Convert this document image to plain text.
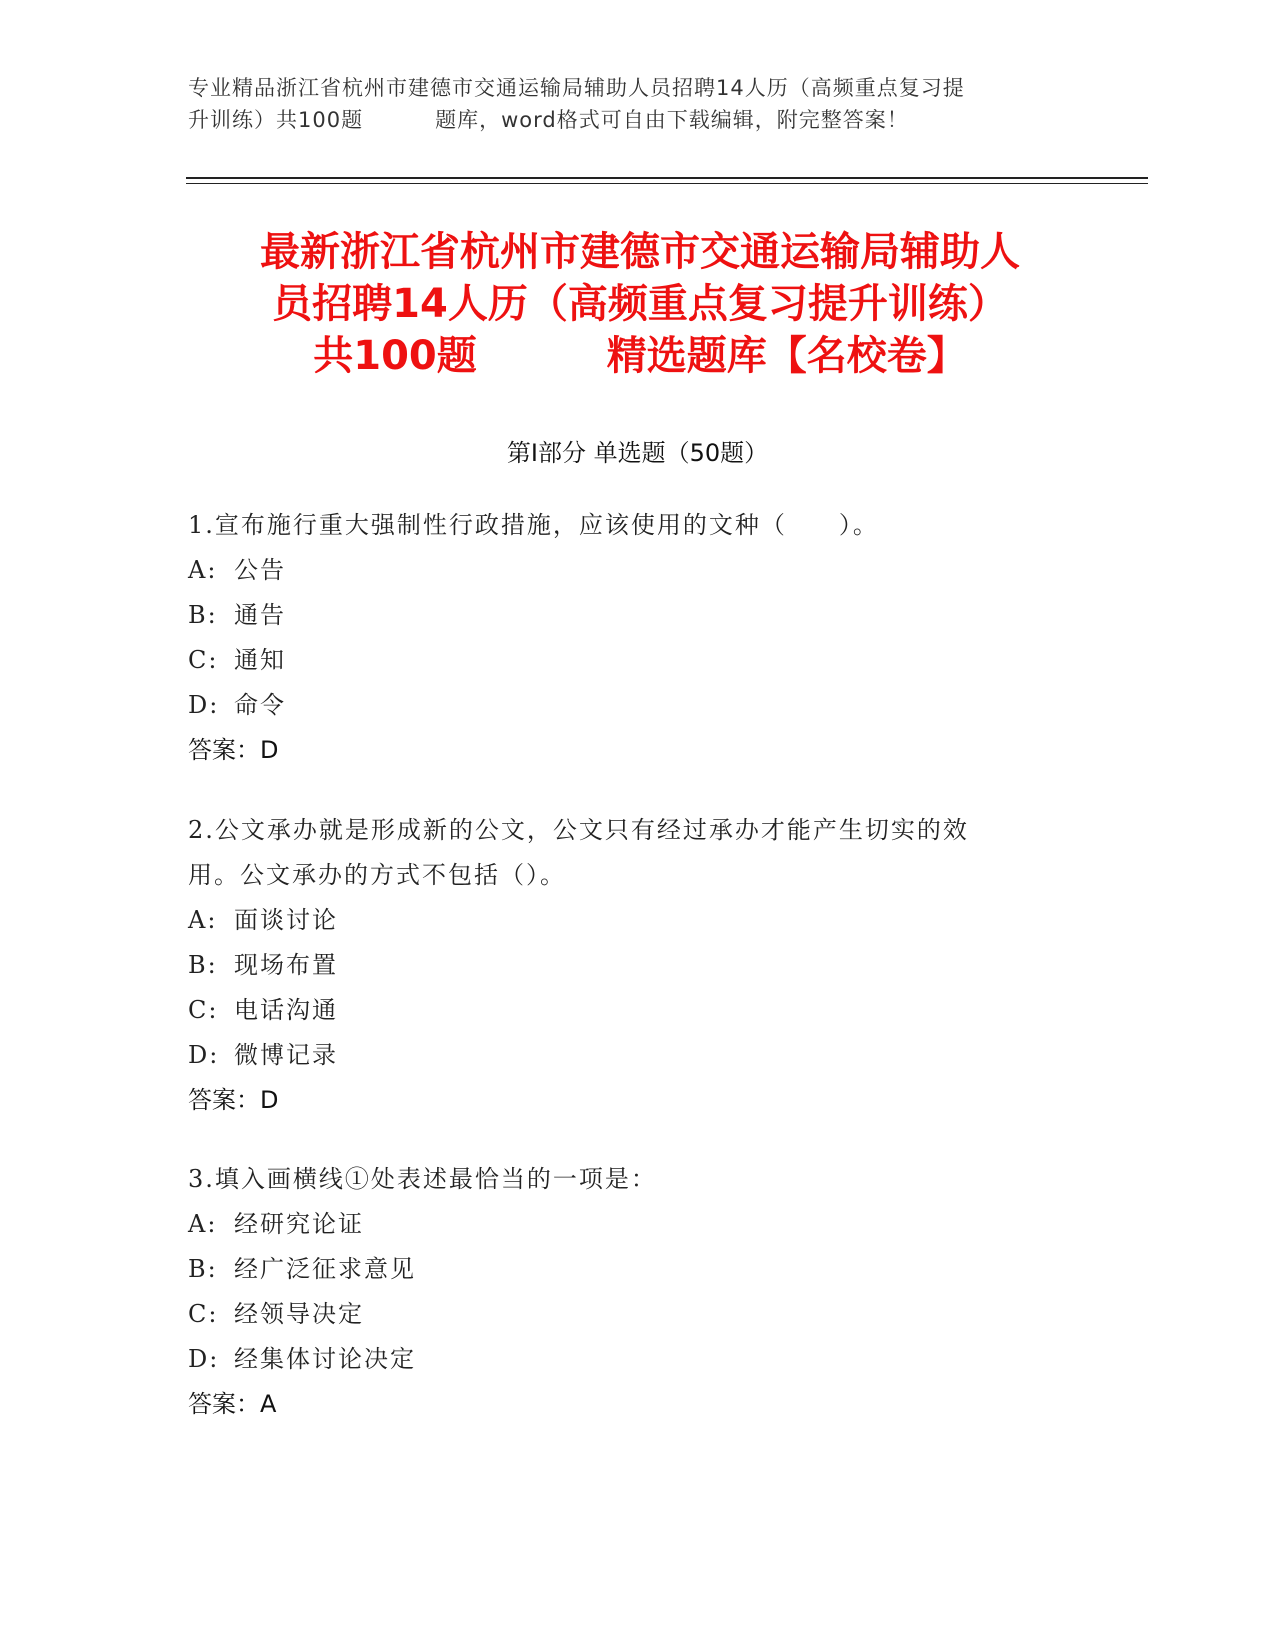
专业精品浙江省杭州市建德市交通运输局辅助人员招聘14人历（高频重点复习提
升训练）共100题	题库，word格式可自由下载编辑，附完整答案！
最新浙江省杭州市建德市交通运输局辅助人
员招聘14人历（高频重点复习提升训练）
共100题	精选题库【名校卷】
第Ⅰ部分 单选题（50题）
1.宣布施行重大强制性行政措施，应该使用的文种（　　）。
A: 公告
B: 通告
C: 通知
D: 命令
答案：D
2.公文承办就是形成新的公文，公文只有经过承办才能产生切实的效
用。公文承办的方式不包括（）。
A: 面谈讨论
B: 现场布置
C: 电话沟通
D: 微博记录
答案：D
3.填入画横线①处表述最恰当的一项是：
A: 经研究论证
B: 经广泛征求意见
C: 经领导决定
D: 经集体讨论决定
答案：A
